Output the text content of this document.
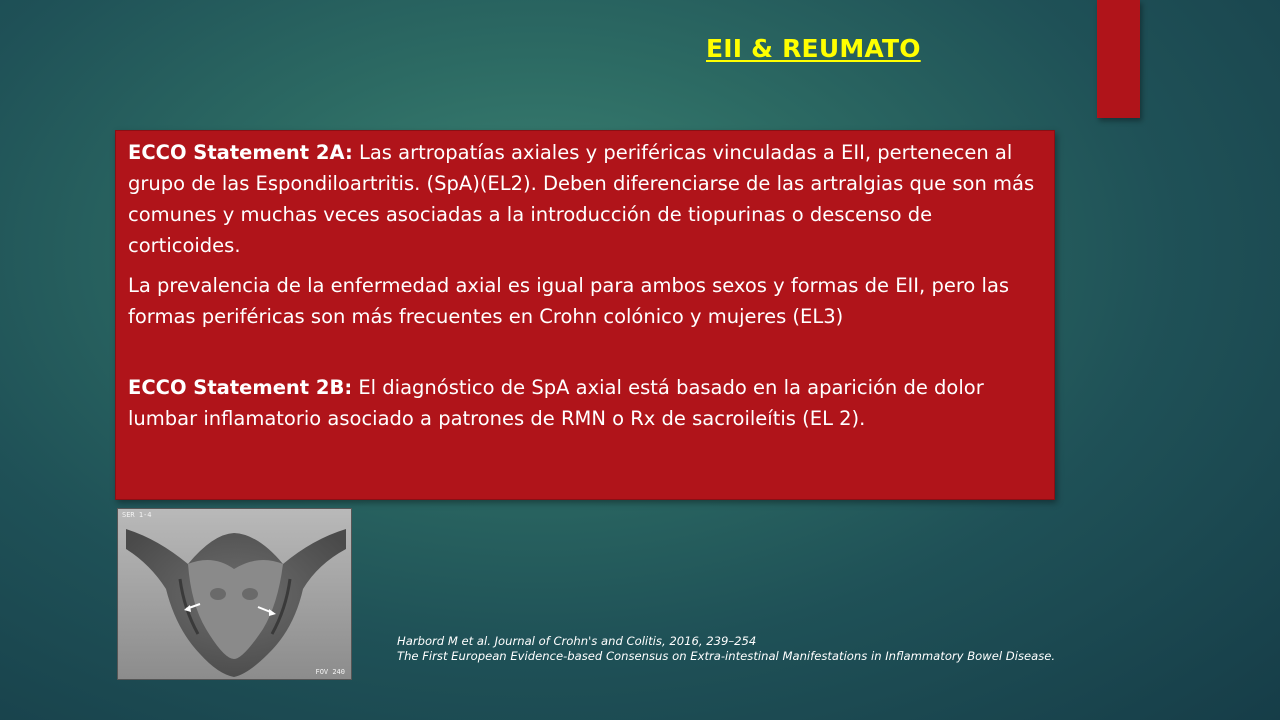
EII & REUMATO

ECCO Statement 2A: Las artropatías axiales y periféricas vinculadas a EII, pertenecen al grupo de las Espondiloartritis. (SpA)(EL2). Deben diferenciarse de las artralgias que son más comunes y muchas veces asociadas a la introducción de tiopurinas o descenso de corticoides.

La prevalencia de la enfermedad axial es igual para ambos sexos y formas de EII, pero las formas periféricas son más frecuentes en Crohn colónico y mujeres (EL3)

ECCO Statement 2B: El diagnóstico de SpA axial está basado en la aparición de dolor lumbar inflamatorio asociado a patrones de RMN o Rx de sacroileítis (EL 2).

SER 1-4
FOV 240
Harbord M et al. Journal of Crohn's and Colitis, 2016, 239–254
The First European Evidence-based Consensus on Extra-intestinal Manifestations in Inflammatory Bowel Disease.
